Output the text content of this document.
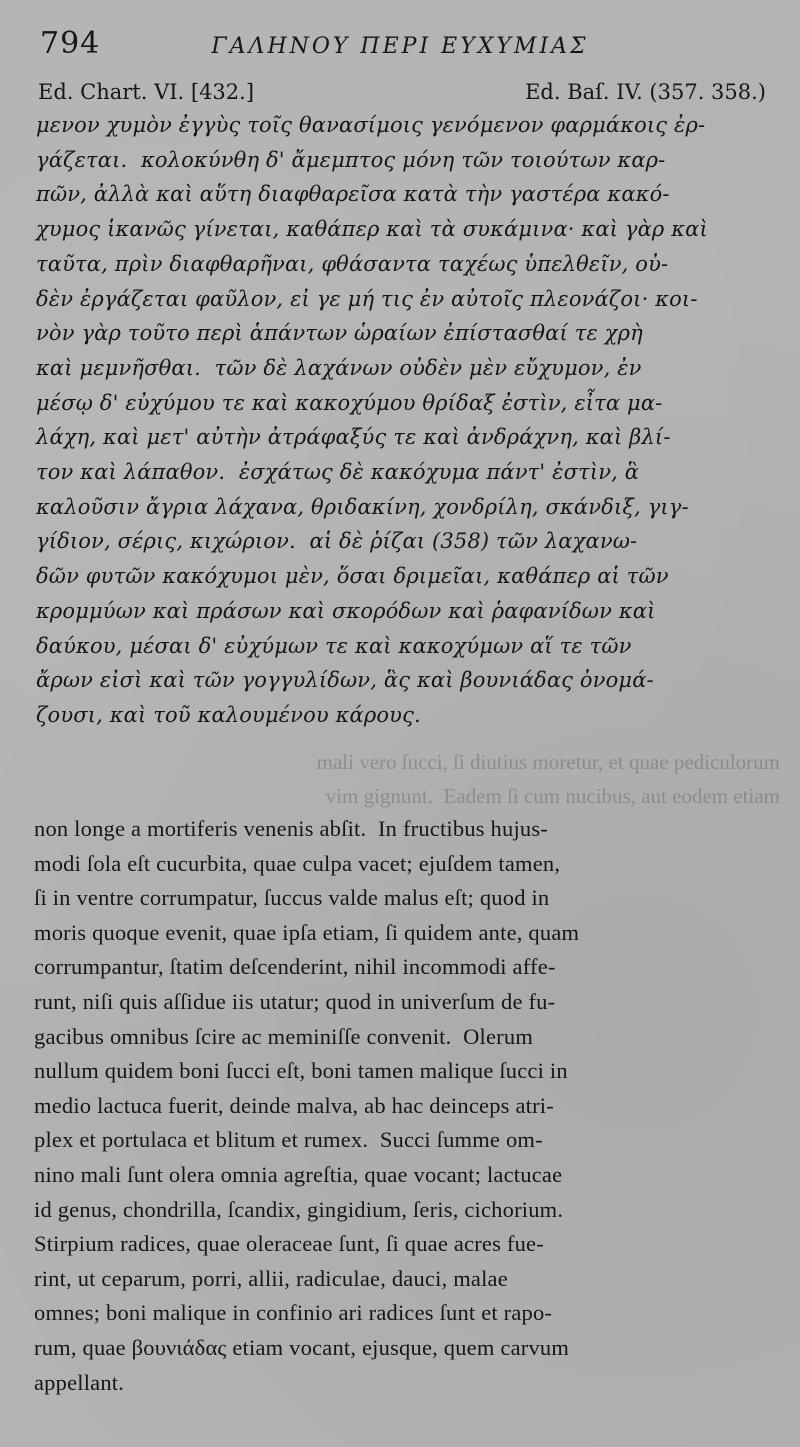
794	ΓΑΛΗΝΟΥ ΠΕΡΙ ΕΥΧΥΜΙΑΣ
Ed. Chart. VI. [432.]	Ed. Baſ. IV. (357. 358.)

μενον χυμὸν ἐγγὺς τοῖς θανασίμοις γενόμενον φαρμάκοις ἐρ-
γάζεται.  κολοκύνθη δ' ἄμεμπτος μόνη τῶν τοιούτων καρ-
πῶν, ἀλλὰ καὶ αὕτη διαφθαρεῖσα κατὰ τὴν γαστέρα κακό-
χυμος ἱκανῶς γίνεται, καθάπερ καὶ τὰ συκάμινα· καὶ γὰρ καὶ
ταῦτα, πρὶν διαφθαρῆναι, φθάσαντα ταχέως ὑπελθεῖν, οὐ-
δὲν ἐργάζεται φαῦλον, εἰ γε μή τις ἐν αὐτοῖς πλεονάζοι· κοι-
νὸν γὰρ τοῦτο περὶ ἁπάντων ὡραίων ἐπίστασθαί τε χρὴ
καὶ μεμνῆσθαι.  τῶν δὲ λαχάνων οὐδὲν μὲν εὔχυμον, ἐν
μέσῳ δ' εὐχύμου τε καὶ κακοχύμου θρίδαξ ἐστὶν, εἶτα μα-
λάχη, καὶ μετ' αὐτὴν ἀτράφαξύς τε καὶ ἀνδράχνη, καὶ βλί-
τον καὶ λάπαθον.  ἐσχάτως δὲ κακόχυμα πάντ' ἐστὶν, ἃ
καλοῦσιν ἄγρια λάχανα, θριδακίνη, χονδρίλη, σκάνδιξ, γιγ-
γίδιον, σέρις, κιχώριον.  αἱ δὲ ῥίζαι (358) τῶν λαχανω-
δῶν φυτῶν κακόχυμοι μὲν, ὅσαι δριμεῖαι, καθάπερ αἱ τῶν
κρομμύων καὶ πράσων καὶ σκορόδων καὶ ῥαφανίδων καὶ
δαύκου, μέσαι δ' εὐχύμων τε καὶ κακοχύμων αἵ τε τῶν
ἄρων εἰσὶ καὶ τῶν γογγυλίδων, ἃς καὶ βουνιάδας ὀνομά-
ζουσι, καὶ τοῦ καλουμένου κάρους.

mali vero ſucci, ſi diutius moretur, et quae pediculorum
vim gignunt.  Eadem ſi cum nucibus, aut eodem etiam

non longe a mortiferis venenis abſit.  In fructibus hujus-
modi ſola eſt cucurbita, quae culpa vacet; ejuſdem tamen,
ſi in ventre corrumpatur, ſuccus valde malus eſt; quod in
moris quoque evenit, quae ipſa etiam, ſi quidem ante, quam
corrumpantur, ſtatim deſcenderint, nihil incommodi affe-
runt, niſi quis aſſidue iis utatur; quod in univerſum de fu-
gacibus omnibus ſcire ac meminiſſe convenit.  Olerum
nullum quidem boni ſucci eſt, boni tamen malique ſucci in
medio lactuca fuerit, deinde malva, ab hac deinceps atri-
plex et portulaca et blitum et rumex.  Succi ſumme om-
nino mali ſunt olera omnia agreſtia, quae vocant; lactucae
id genus, chondrilla, ſcandix, gingidium, ſeris, cichorium.
Stirpium radices, quae oleraceae ſunt, ſi quae acres fue-
rint, ut ceparum, porri, allii, radiculae, dauci, malae
omnes; boni malique in confinio ari radices ſunt et rapo-
rum, quae βουνιάδας etiam vocant, ejusque, quem carvum
appellant.
